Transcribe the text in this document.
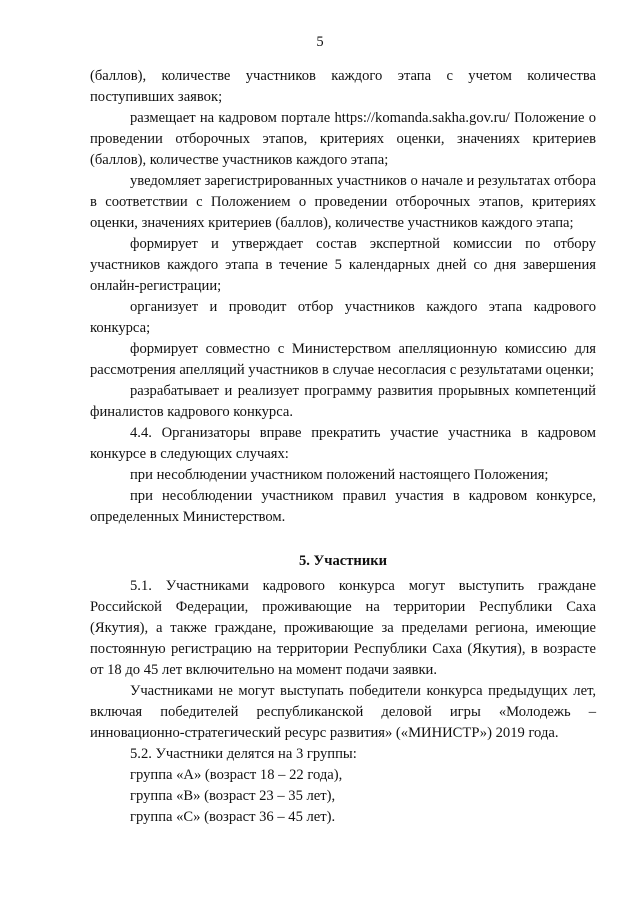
5

(баллов), количестве участников каждого этапа с учетом количества поступивших заявок;

размещает на кадровом портале https://komanda.sakha.gov.ru/ Положение о проведении отборочных этапов, критериях оценки, значениях критериев (баллов), количестве участников каждого этапа;

уведомляет зарегистрированных участников о начале и результатах отбора в соответствии с Положением о проведении отборочных этапов, критериях оценки, значениях критериев (баллов), количестве участников каждого этапа;

формирует и утверждает состав экспертной комиссии по отбору участников каждого этапа в течение 5 календарных дней со дня завершения онлайн-регистрации;

организует и проводит отбор участников каждого этапа кадрового конкурса;

формирует совместно с Министерством апелляционную комиссию для рассмотрения апелляций участников в случае несогласия с результатами оценки;

разрабатывает и реализует программу развития прорывных компетенций финалистов кадрового конкурса.

4.4. Организаторы вправе прекратить участие участника в кадровом конкурсе в следующих случаях:

при несоблюдении участником положений настоящего Положения;

при несоблюдении участником правил участия в кадровом конкурсе, определенных Министерством.

5. Участники

5.1. Участниками кадрового конкурса могут выступить граждане Российской Федерации, проживающие на территории Республики Саха (Якутия), а также граждане, проживающие за пределами региона, имеющие постоянную регистрацию на территории Республики Саха (Якутия), в возрасте от 18 до 45 лет включительно на момент подачи заявки.

Участниками не могут выступать победители конкурса предыдущих лет, включая победителей республиканской деловой игры «Молодежь – инновационно-стратегический ресурс развития» («МИНИСТР») 2019 года.

5.2. Участники делятся на 3 группы:

группа «А» (возраст 18 – 22 года),

группа «В» (возраст 23 – 35 лет),

группа «С» (возраст 36 – 45 лет).
